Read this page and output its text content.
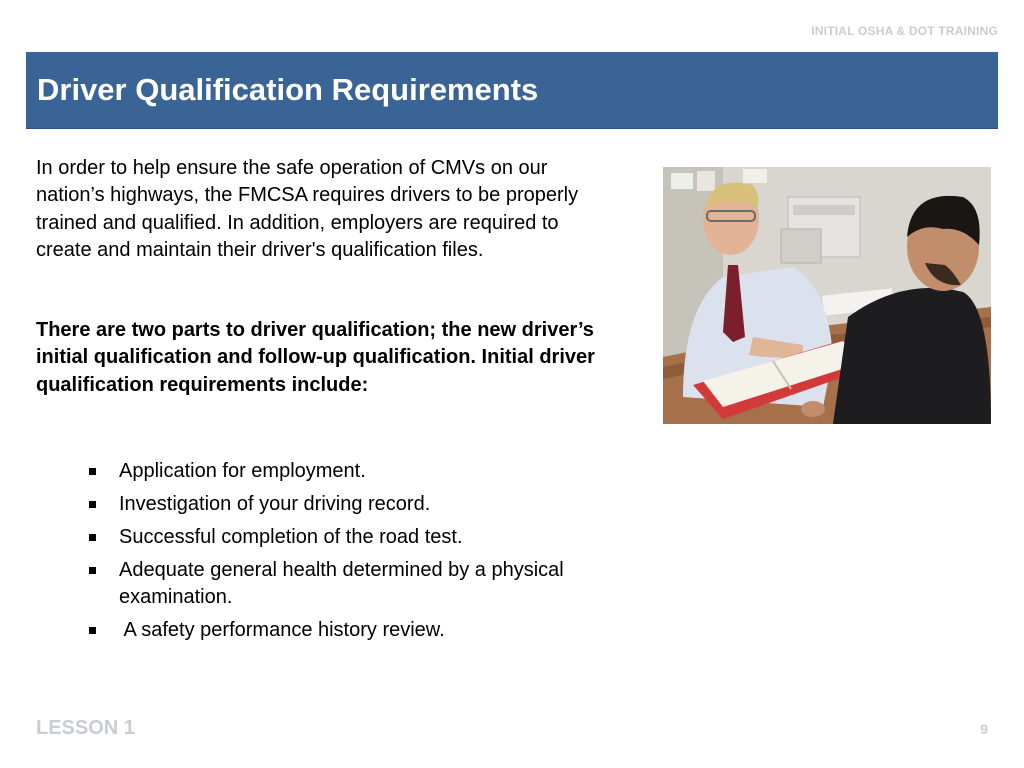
INITIAL OSHA & DOT TRAINING
Driver Qualification Requirements

In order to help ensure the safe operation of CMVs on our nation’s highways, the FMCSA requires drivers to be properly trained and qualified. In addition, employers are required to create and maintain their driver's qualification files.

There are two parts to driver qualification; the new driver’s initial qualification and follow-up qualification. Initial driver qualification requirements include:

Application for employment.
Investigation of your driving record.
Successful completion of the road test.
Adequate general health determined by a physical examination.
A safety performance history review.
LESSON 1	9
